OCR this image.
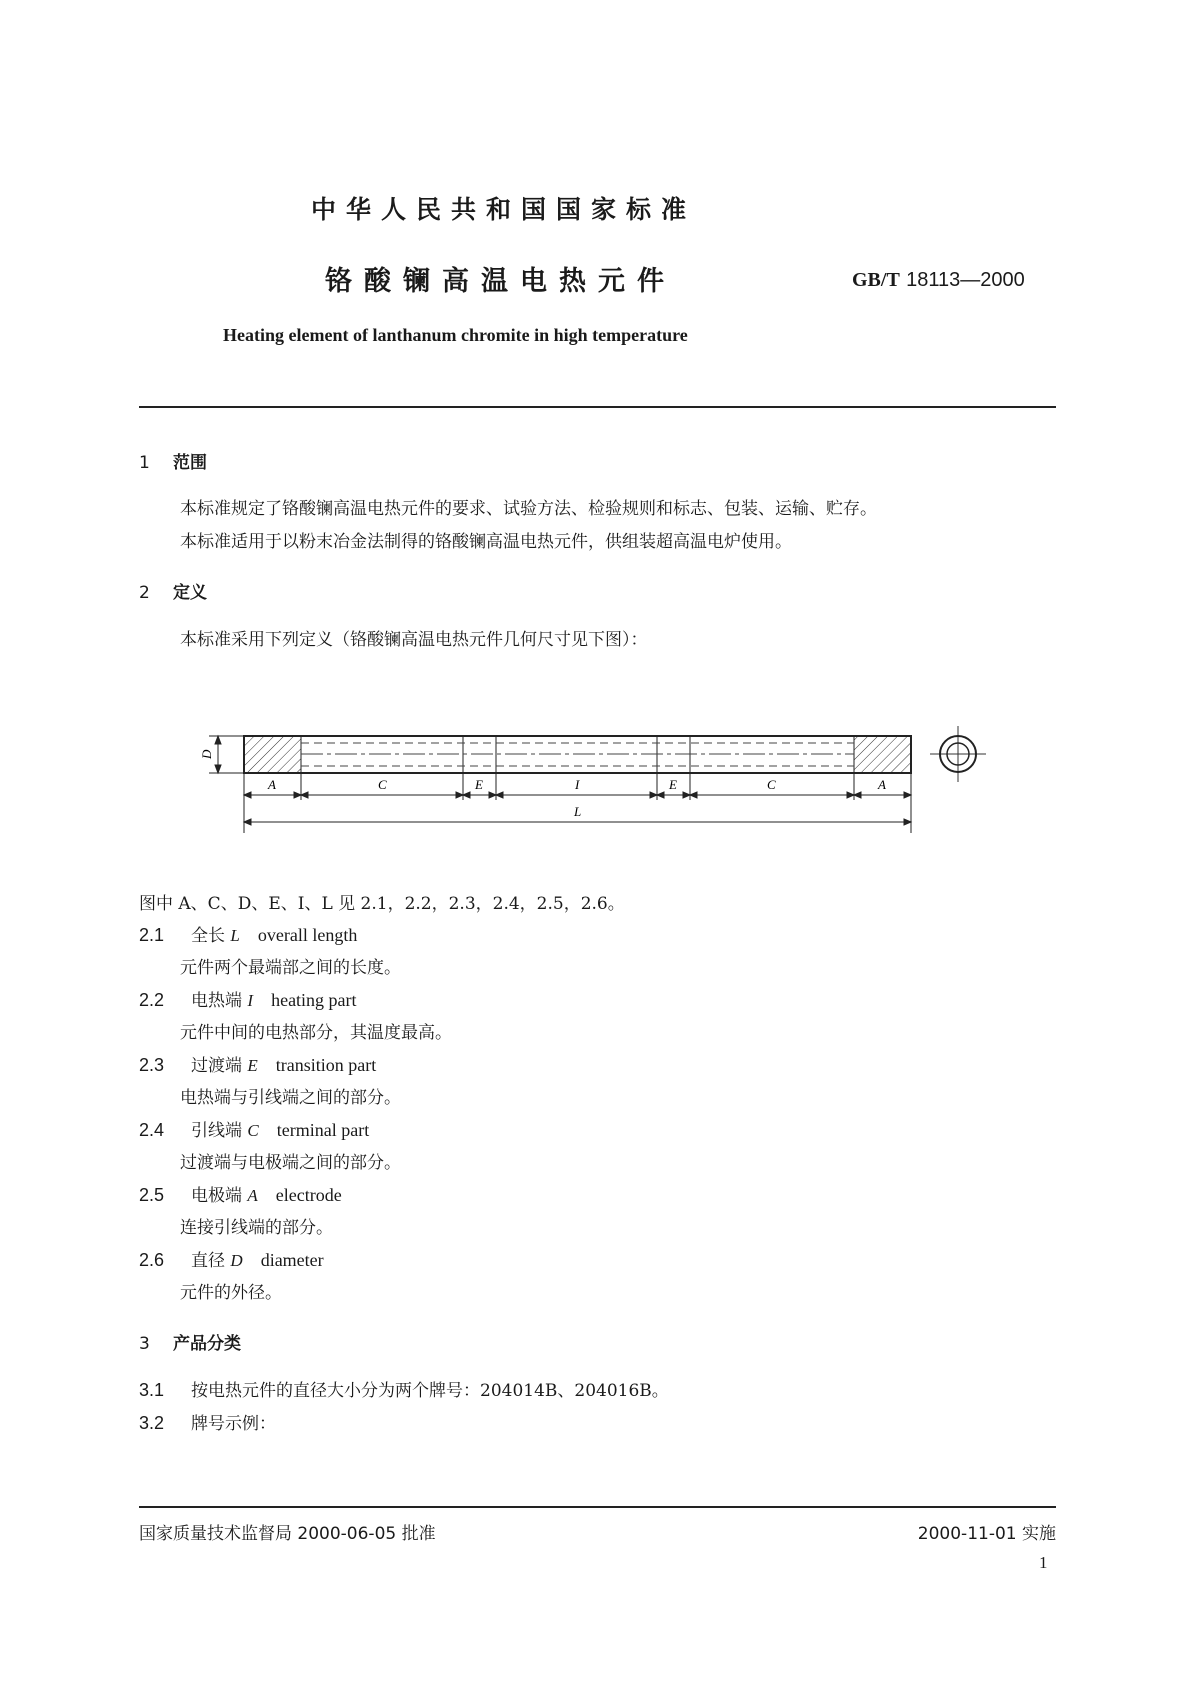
中华人民共和国国家标准
铬酸镧高温电热元件	GB/T 18113—2000
Heating element of lanthanum chromite in high temperature
1 范围
本标准规定了铬酸镧高温电热元件的要求、试验方法、检验规则和标志、包装、运输、贮存。
本标准适用于以粉末冶金法制得的铬酸镧高温电热元件，供组装超高温电炉使用。
2 定义
本标准采用下列定义（铬酸镧高温电热元件几何尺寸见下图）：
D
A	C	E	I	E	C	A
L
图中 A、C、D、E、I、L 见 2.1，2.2，2.3，2.4，2.5，2.6。
2.1 全长 L overall length
元件两个最端部之间的长度。
2.2 电热端 I heating part
元件中间的电热部分，其温度最高。
2.3 过渡端 E transition part
电热端与引线端之间的部分。
2.4 引线端 C terminal part
过渡端与电极端之间的部分。
2.5 电极端 A electrode
连接引线端的部分。
2.6 直径 D diameter
元件的外径。
3 产品分类
3.1 按电热元件的直径大小分为两个牌号：204014B、204016B。
3.2 牌号示例：
国家质量技术监督局 2000-06-05 批准	2000-11-01 实施
1
